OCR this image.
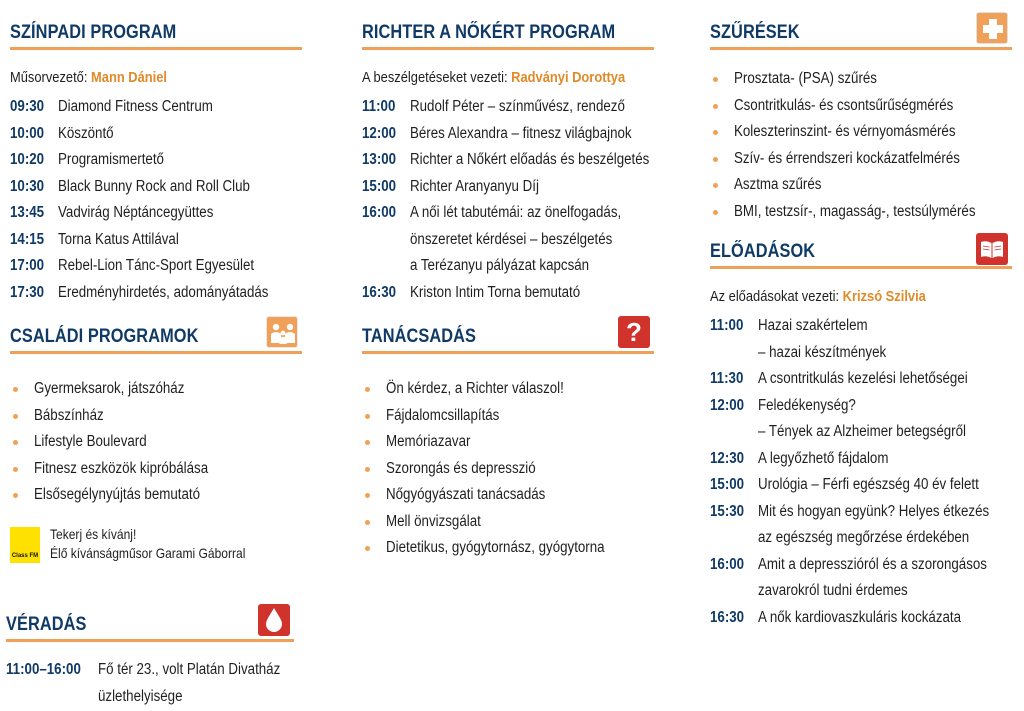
SZÍNPADI PROGRAM
Műsorvezető: Mann Dániel
09:30 Diamond Fitness Centrum
10:00 Köszöntő
10:20 Programismertető
10:30 Black Bunny Rock and Roll Club
13:45 Vadvirág Néptáncegyüttes
14:15 Torna Katus Attilával
17:00 Rebel-Lion Tánc-Sport Egyesület
17:30 Eredményhirdetés, adományátadás
CSALÁDI PROGRAMOK
Gyermeksarok, játszóház
Bábszínház
Lifestyle Boulevard
Fitnesz eszközök kipróbálása
Elsősegélynyújtás bemutató
Class FM
Tekerj és kívánj!
Élő kívánságműsor Garami Gáborral
VÉRADÁS
11:00–16:00 Fő tér 23., volt Platán Divatház
üzlethelyisége
RICHTER A NŐKÉRT PROGRAM
A beszélgetéseket vezeti: Radványi Dorottya
11:00 Rudolf Péter – színművész, rendező
12:00 Béres Alexandra – fitnesz világbajnok
13:00 Richter a Nőkért előadás és beszélgetés
15:00 Richter Aranyanyu Díj
16:00 A női lét tabutémái: az önelfogadás,
önszeretet kérdései – beszélgetés
a Terézanyu pályázat kapcsán
16:30 Kriston Intim Torna bemutató
TANÁCSADÁS	?
Ön kérdez, a Richter válaszol!
Fájdalomcsillapítás
Memóriazavar
Szorongás és depresszió
Nőgyógyászati tanácsadás
Mell önvizsgálat
Dietetikus, gyógytornász, gyógytorna
SZŰRÉSEK
Prosztata- (PSA) szűrés
Csontritkulás- és csontsűrűségmérés
Koleszterinszint- és vérnyomásmérés
Szív- és érrendszeri kockázatfelmérés
Asztma szűrés
BMI, testzsír-, magasság-, testsúlymérés
ELŐADÁSOK
Az előadásokat vezeti: Krizsó Szilvia
11:00 Hazai szakértelem
– hazai készítmények
11:30 A csontritkulás kezelési lehetőségei
12:00 Feledékenység?
– Tények az Alzheimer betegségről
12:30 A legyőzhető fájdalom
15:00 Urológia – Férfi egészség 40 év felett
15:30 Mit és hogyan együnk? Helyes étkezés
az egészség megőrzése érdekében
16:00 Amit a depresszióról és a szorongásos
zavarokról tudni érdemes
16:30 A nők kardiovaszkuláris kockázata
